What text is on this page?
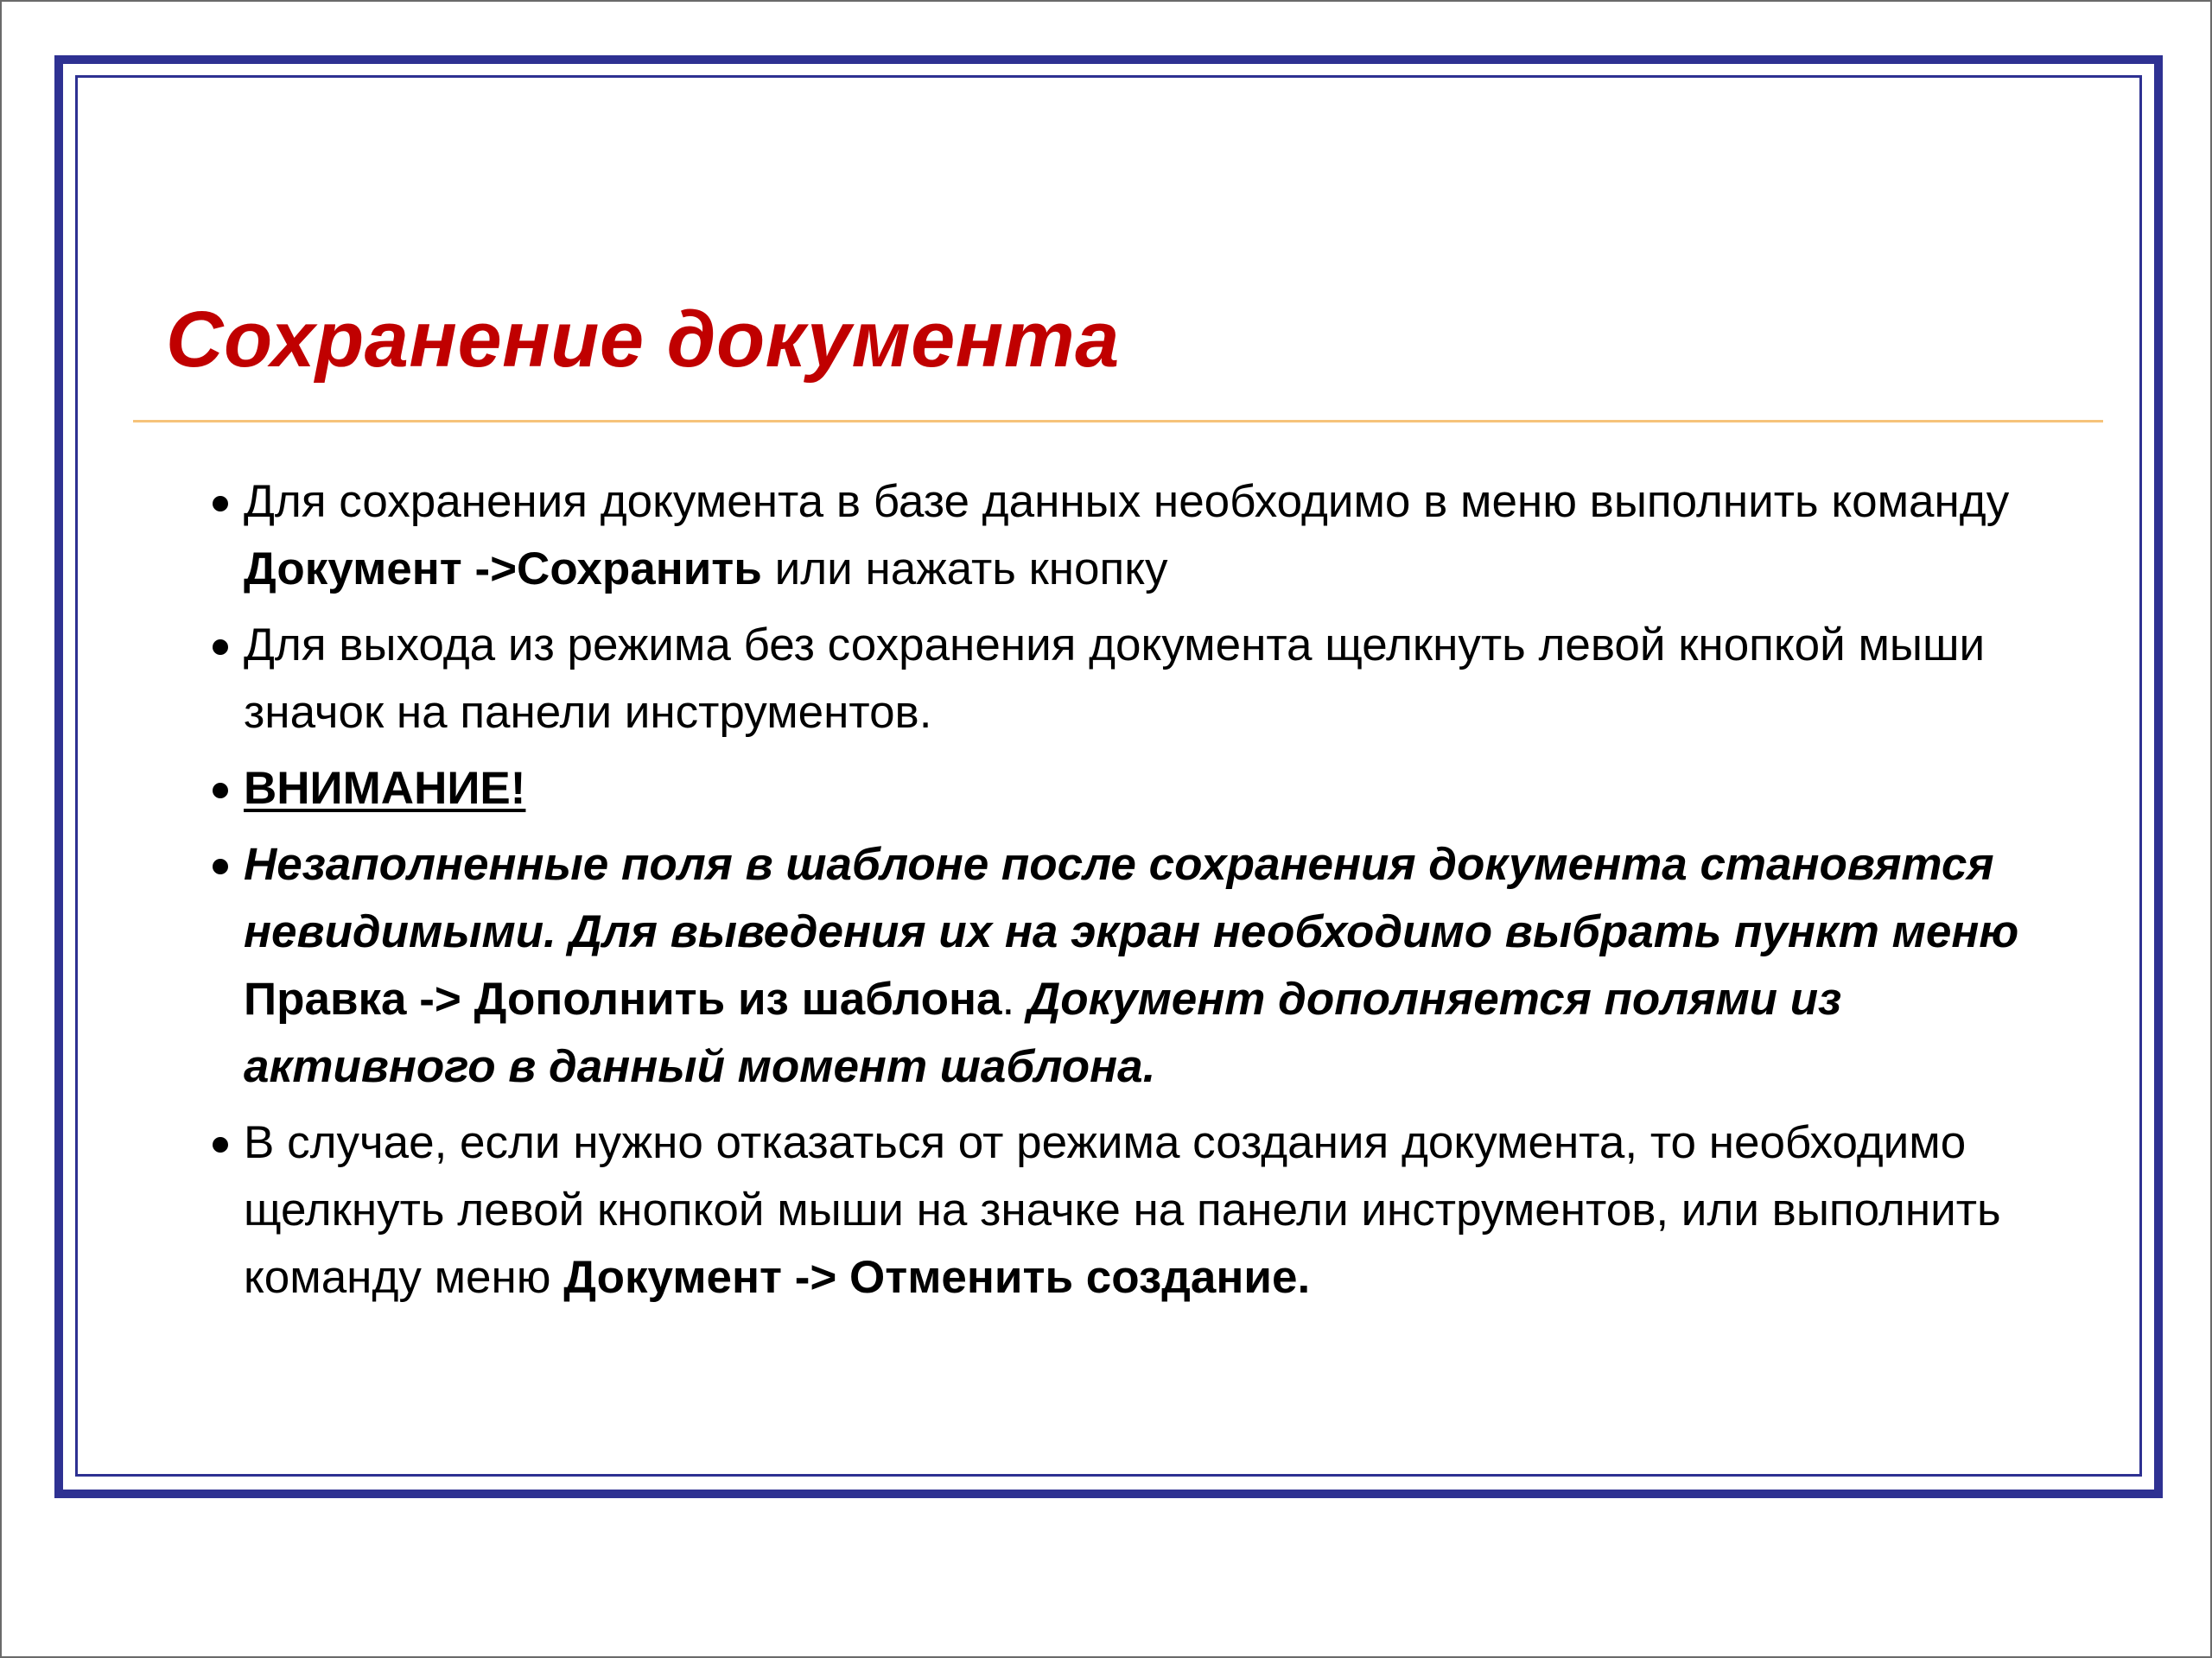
Сохранение документа
Для сохранения документа в базе данных необходимо в меню выполнить команду Документ ->Сохранить или нажать кнопку
Для выхода из режима без сохранения документа щелкнуть левой кнопкой мыши значок на панели инструментов.
ВНИМАНИЕ!
Незаполненные поля в шаблоне после сохранения документа становятся невидимыми. Для выведения их на экран необходимо выбрать пункт меню Правка -> Дополнить из шаблона. Документ дополняется полями из активного в данный момент шаблона.
В случае, если нужно отказаться от режима создания документа, то необходимо щелкнуть левой кнопкой мыши на значке на панели инструментов, или выполнить команду меню Документ -> Отменить создание.
